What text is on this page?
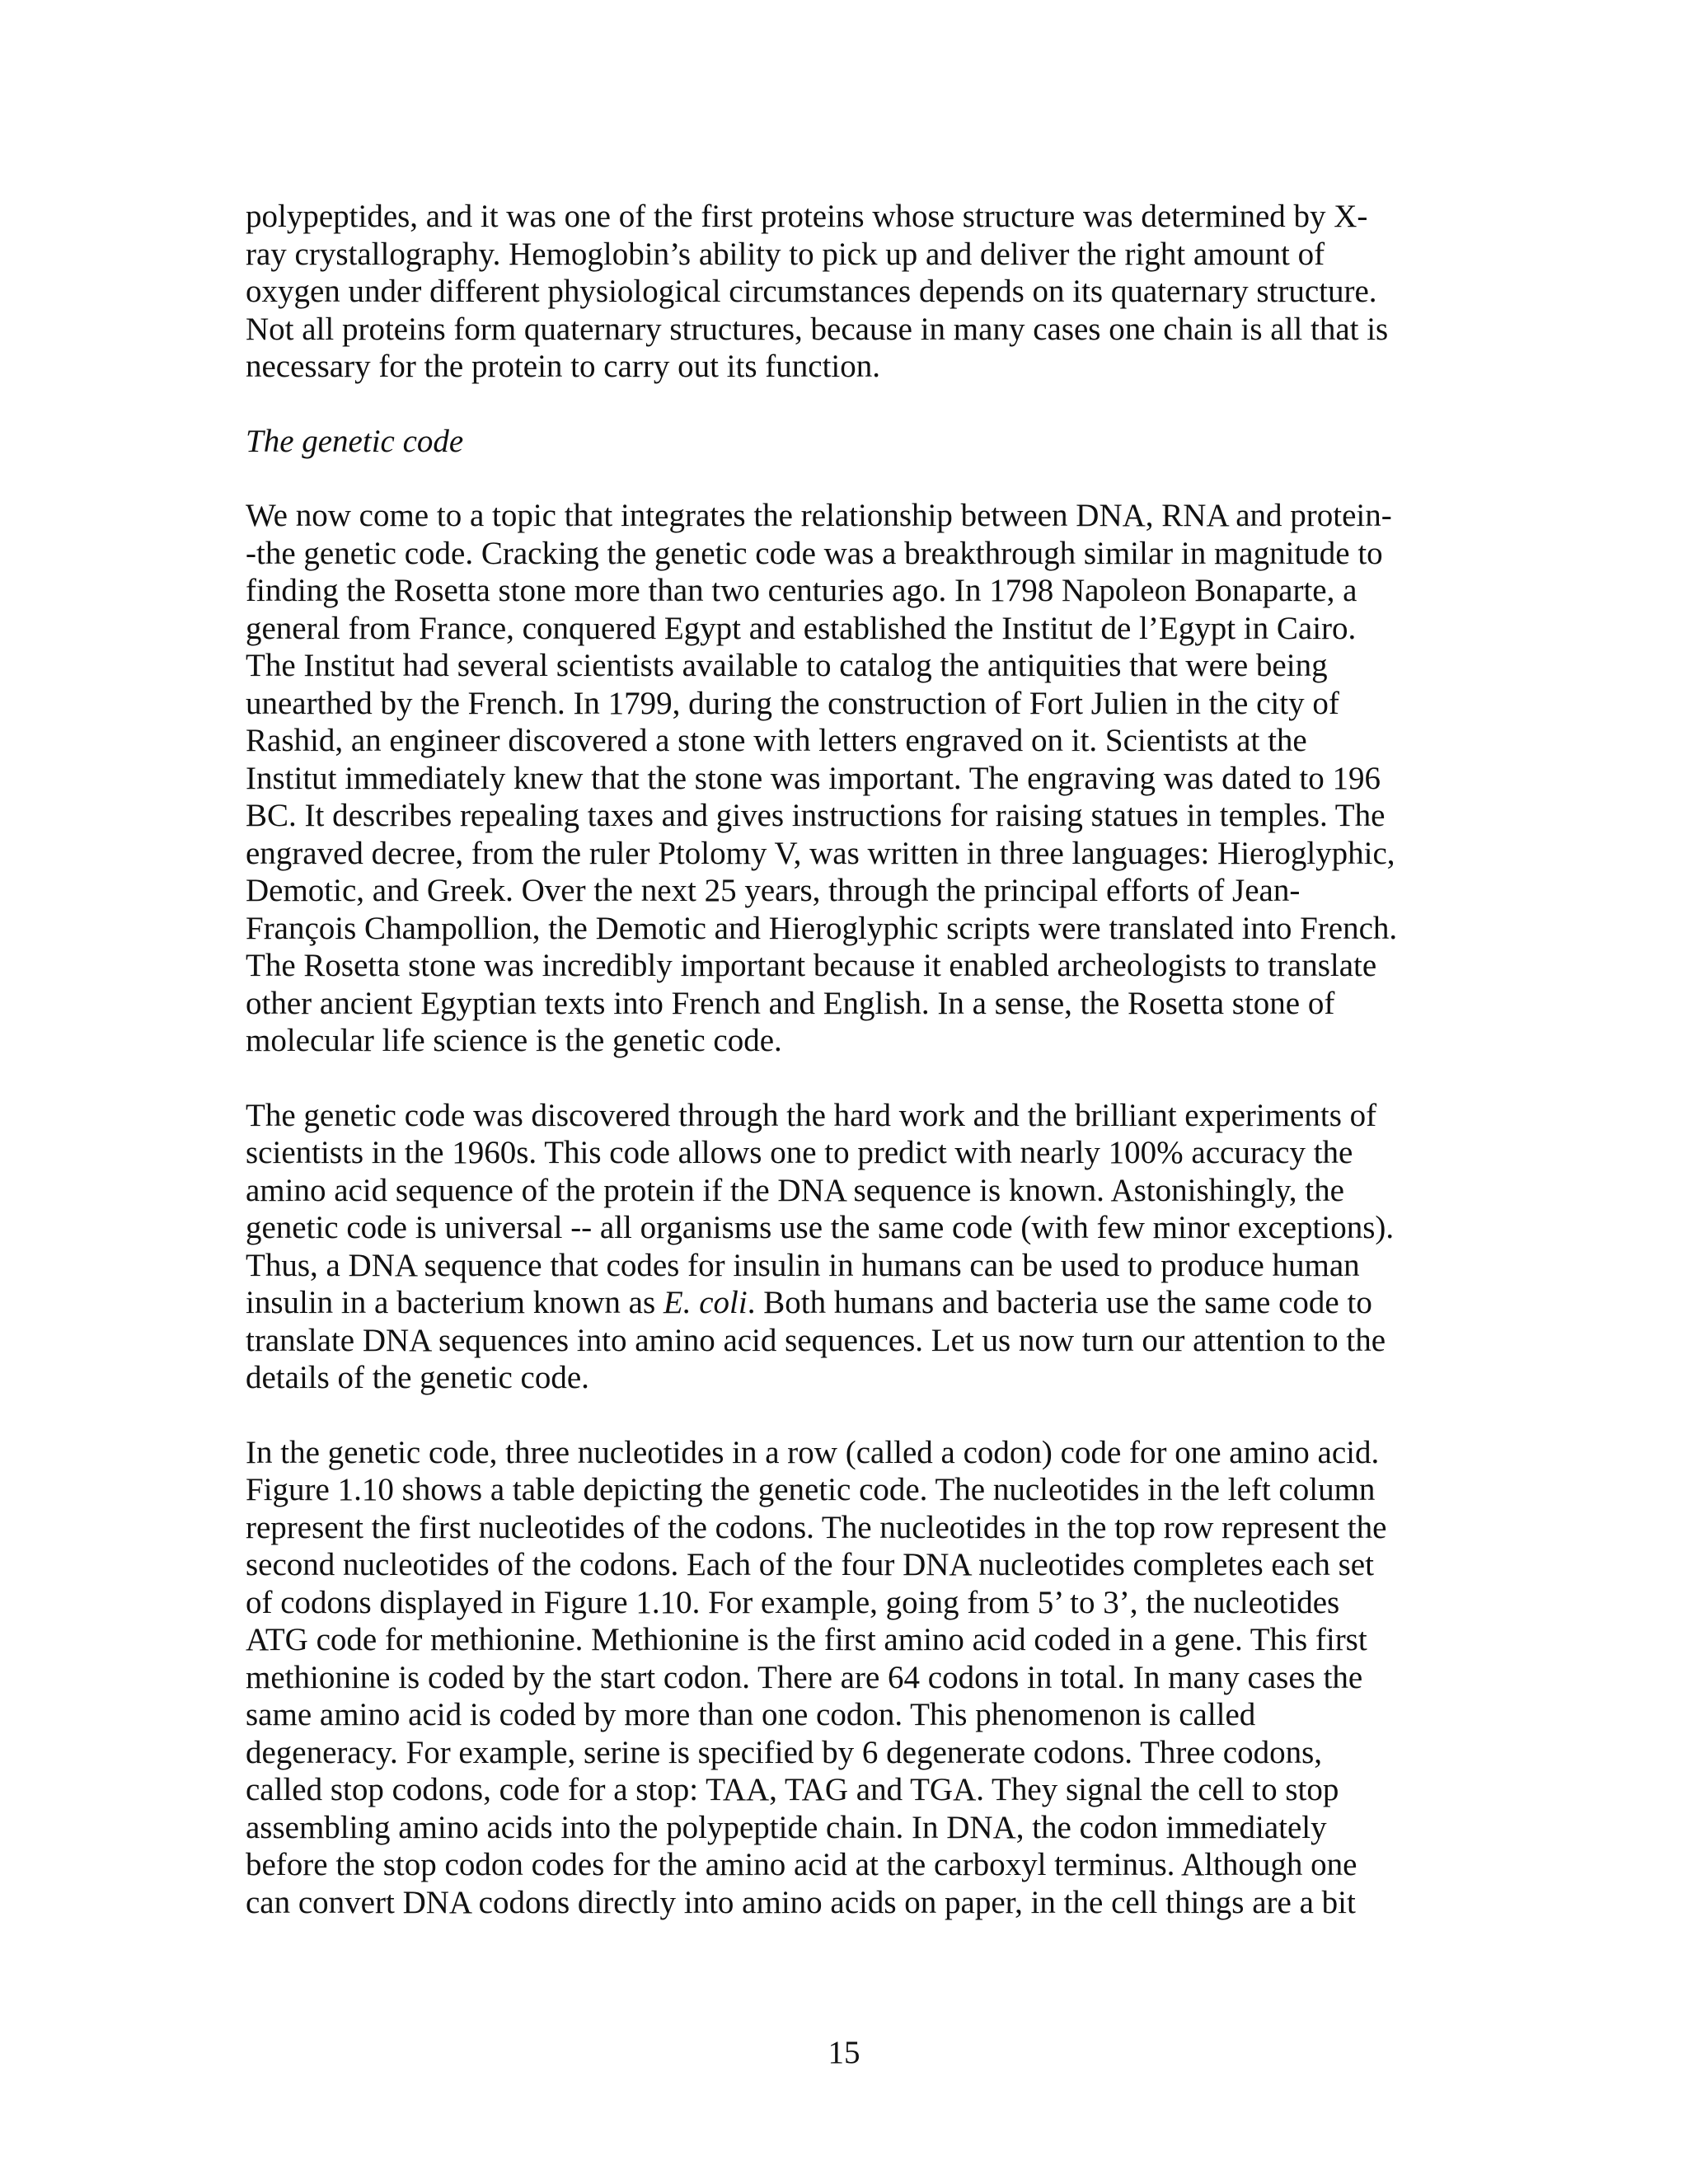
polypeptides, and it was one of the first proteins whose structure was determined by X-
ray crystallography. Hemoglobin’s ability to pick up and deliver the right amount of
oxygen under different physiological circumstances depends on its quaternary structure.
Not all proteins form quaternary structures, because in many cases one chain is all that is
necessary for the protein to carry out its function.

The genetic code

We now come to a topic that integrates the relationship between DNA, RNA and protein-
-the genetic code. Cracking the genetic code was a breakthrough similar in magnitude to
finding the Rosetta stone more than two centuries ago. In 1798 Napoleon Bonaparte, a
general from France, conquered Egypt and established the Institut de l’Egypt in Cairo.
The Institut had several scientists available to catalog the antiquities that were being
unearthed by the French. In 1799, during the construction of Fort Julien in the city of
Rashid, an engineer discovered a stone with letters engraved on it. Scientists at the
Institut immediately knew that the stone was important. The engraving was dated to 196
BC. It describes repealing taxes and gives instructions for raising statues in temples. The
engraved decree, from the ruler Ptolomy V, was written in three languages: Hieroglyphic,
Demotic, and Greek. Over the next 25 years, through the principal efforts of Jean-
François Champollion, the Demotic and Hieroglyphic scripts were translated into French.
The Rosetta stone was incredibly important because it enabled archeologists to translate
other ancient Egyptian texts into French and English. In a sense, the Rosetta stone of
molecular life science is the genetic code.

The genetic code was discovered through the hard work and the brilliant experiments of
scientists in the 1960s. This code allows one to predict with nearly 100% accuracy the
amino acid sequence of the protein if the DNA sequence is known. Astonishingly, the
genetic code is universal -- all organisms use the same code (with few minor exceptions).
Thus, a DNA sequence that codes for insulin in humans can be used to produce human
insulin in a bacterium known as E. coli. Both humans and bacteria use the same code to
translate DNA sequences into amino acid sequences. Let us now turn our attention to the
details of the genetic code.

In the genetic code, three nucleotides in a row (called a codon) code for one amino acid.
Figure 1.10 shows a table depicting the genetic code. The nucleotides in the left column
represent the first nucleotides of the codons. The nucleotides in the top row represent the
second nucleotides of the codons. Each of the four DNA nucleotides completes each set
of codons displayed in Figure 1.10. For example, going from 5’ to 3’, the nucleotides
ATG code for methionine. Methionine is the first amino acid coded in a gene. This first
methionine is coded by the start codon. There are 64 codons in total. In many cases the
same amino acid is coded by more than one codon. This phenomenon is called
degeneracy. For example, serine is specified by 6 degenerate codons. Three codons,
called stop codons, code for a stop: TAA, TAG and TGA. They signal the cell to stop
assembling amino acids into the polypeptide chain. In DNA, the codon immediately
before the stop codon codes for the amino acid at the carboxyl terminus. Although one
can convert DNA codons directly into amino acids on paper, in the cell things are a bit

15
